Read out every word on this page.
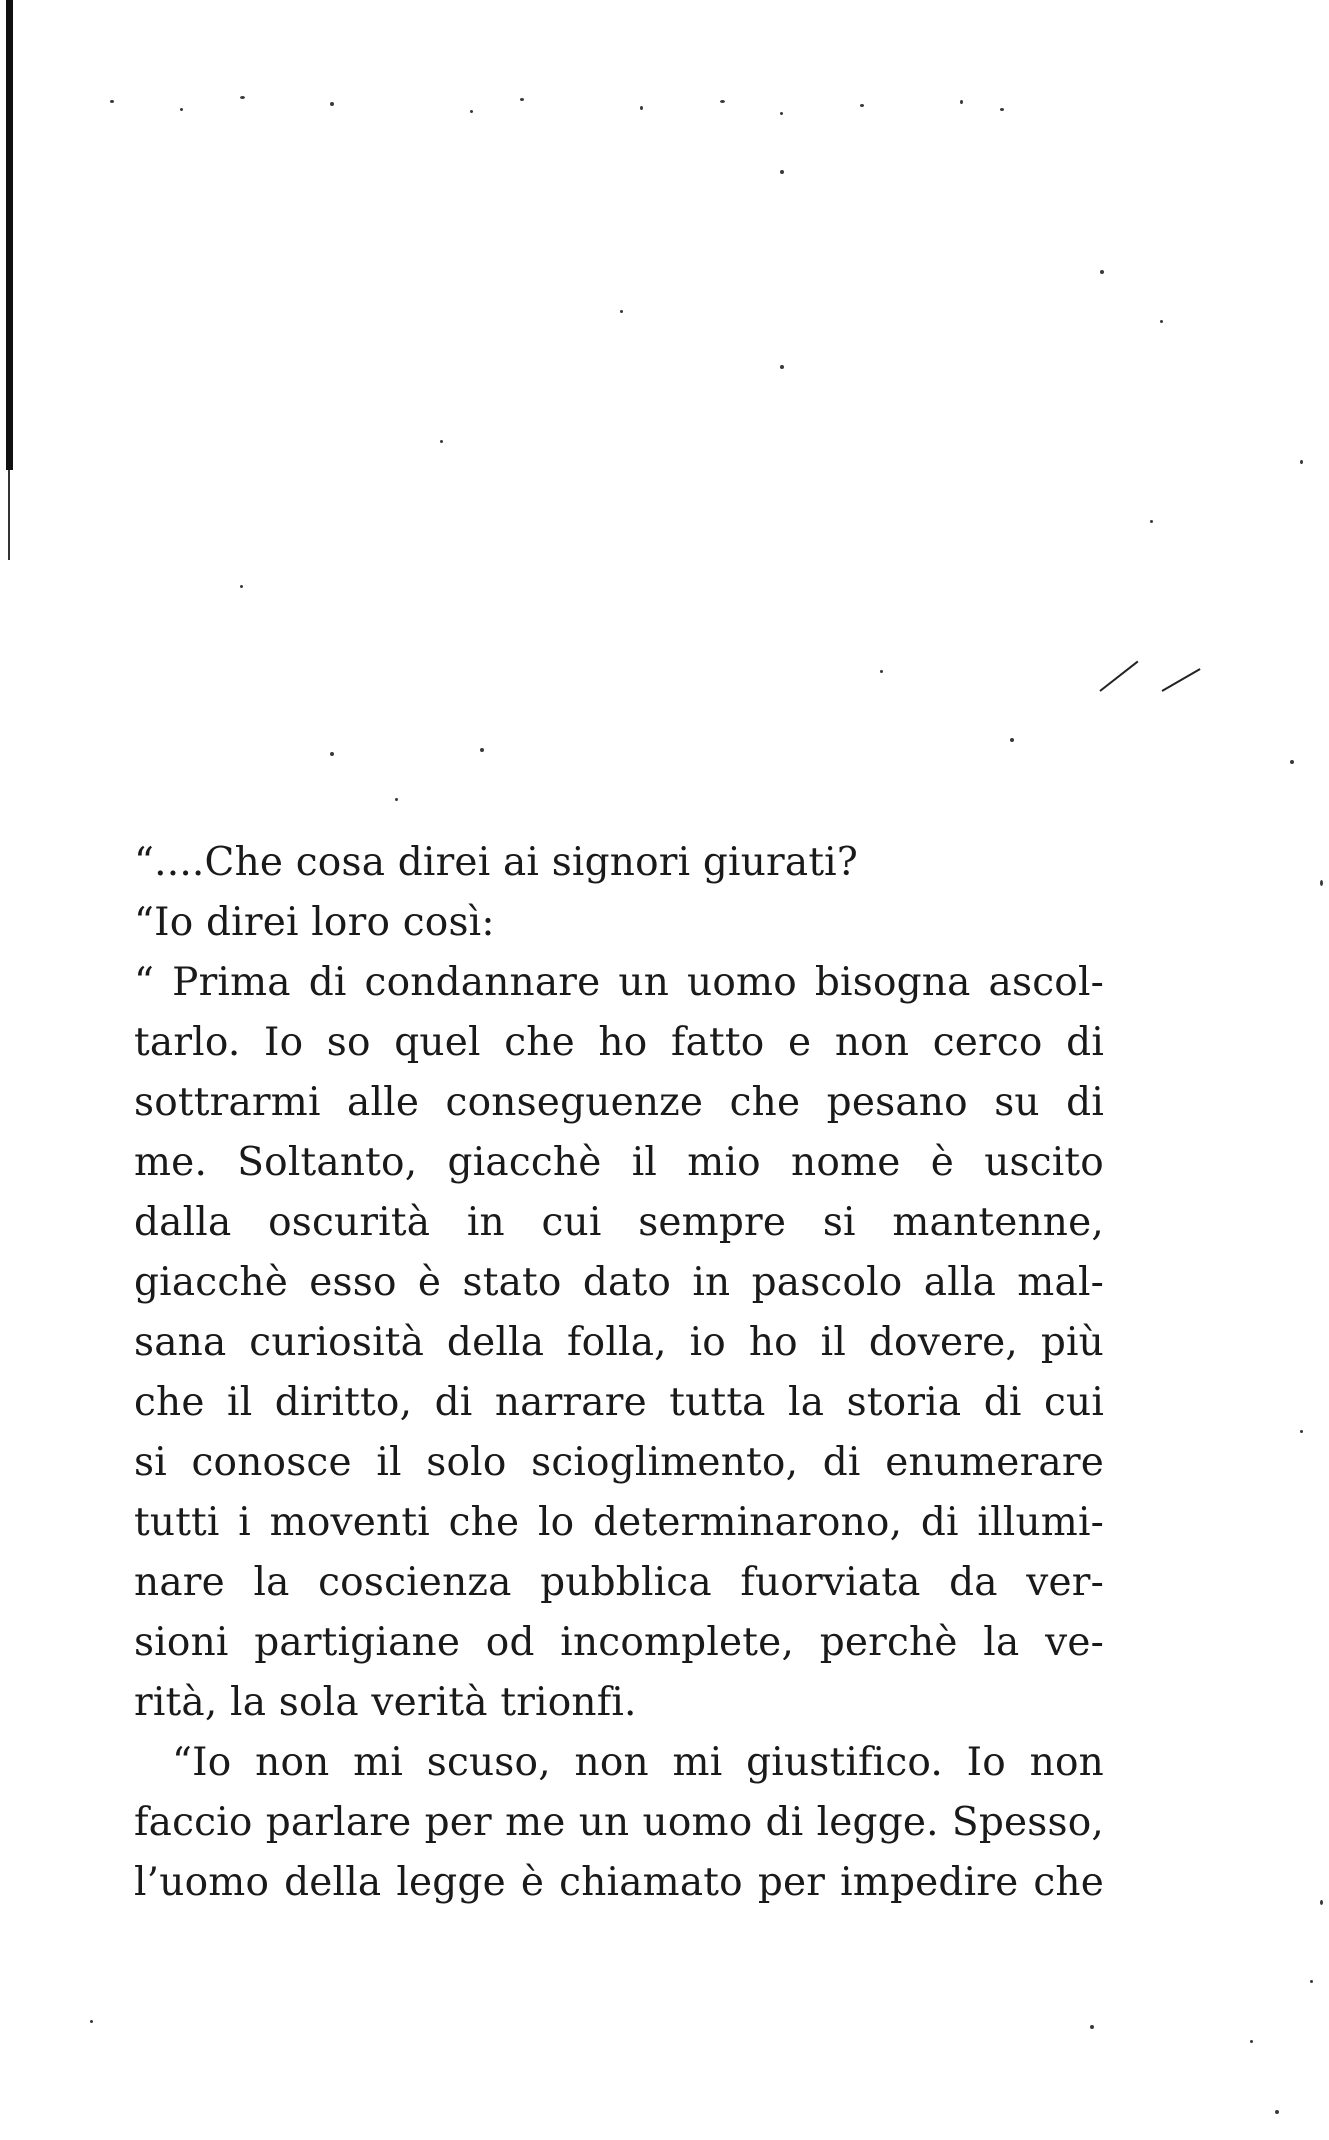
“....Che cosa direi ai signori giurati?
“Io direi loro così:
“ Prima di condannare un uomo bisogna ascol-
tarlo. Io so quel che ho fatto e non cerco di
sottrarmi alle conseguenze che pesano su di
me. Soltanto, giacchè il mio nome è uscito
dalla oscurità in cui sempre si mantenne,
giacchè esso è stato dato in pascolo alla mal-
sana curiosità della folla, io ho il dovere, più
che il diritto, di narrare tutta la storia di cui
si conosce il solo scioglimento, di enumerare
tutti i moventi che lo determinarono, di illumi-
nare la coscienza pubblica fuorviata da ver-
sioni partigiane od incomplete, perchè la ve-
rità, la sola verità trionfi.
“Io non mi scuso, non mi giustifico. Io non
faccio parlare per me un uomo di legge. Spesso,
l’uomo della legge è chiamato per impedire che
